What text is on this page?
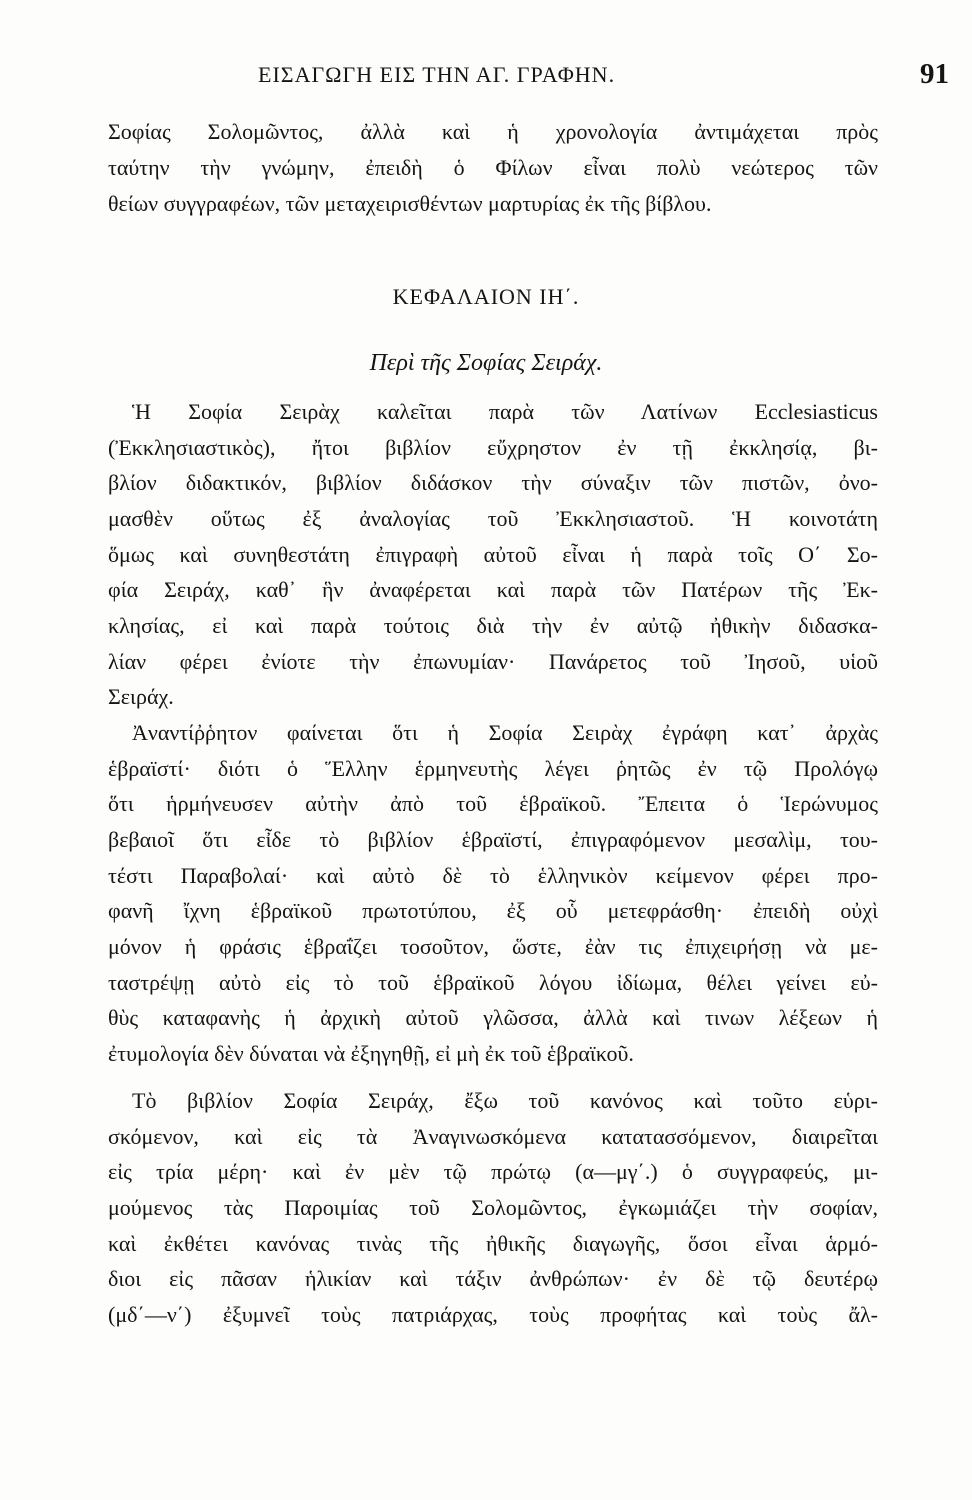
ΕΙΣΑΓΩΓΗ ΕΙΣ ΤΗΝ ΑΓ. ΓΡΑΦΗΝ.	91
Σοφίας Σολομῶντος, ἀλλὰ καὶ ἡ χρονολογία ἀντιμάχεται πρὸς
ταύτην τὴν γνώμην, ἐπειδὴ ὁ Φίλων εἶναι πολὺ νεώτερος τῶν
θείων συγγραφέων, τῶν μεταχειρισθέντων μαρτυρίας ἐκ τῆς βίβλου.
ΚΕΦΑΛΑΙΟΝ ΙΗ΄.
Περὶ τῆς Σοφίας Σειράχ.
Ἡ Σοφία Σειρὰχ καλεῖται παρὰ τῶν Λατίνων Ecclesiasticus
(Ἐκκλησιαστικὸς), ἤτοι βιβλίον εὔχρηστον ἐν τῇ ἐκκλησίᾳ, βι-
βλίον διδακτικόν, βιβλίον διδάσκον τὴν σύναξιν τῶν πιστῶν, ὀνο-
μασθὲν οὕτως ἐξ ἀναλογίας τοῦ Ἐκκλησιαστοῦ. Ἡ κοινοτάτη
ὅμως καὶ συνηθεστάτη ἐπιγραφὴ αὐτοῦ εἶναι ἡ παρὰ τοῖς Ο΄ Σο-
φία Σειράχ, καθ᾽ ἣν ἀναφέρεται καὶ παρὰ τῶν Πατέρων τῆς Ἐκ-
κλησίας, εἰ καὶ παρὰ τούτοις διὰ τὴν ἐν αὐτῷ ἠθικὴν διδασκα-
λίαν φέρει ἐνίοτε τὴν ἐπωνυμίαν· Πανάρετος τοῦ Ἰησοῦ, υἱοῦ
Σειράχ.
Ἀναντίῤῥητον φαίνεται ὅτι ἡ Σοφία Σειρὰχ ἐγράφη κατ᾽ ἀρχὰς
ἑβραϊστί· διότι ὁ Ἕλλην ἑρμηνευτὴς λέγει ῥητῶς ἐν τῷ Προλόγῳ
ὅτι ἡρμήνευσεν αὐτὴν ἀπὸ τοῦ ἑβραϊκοῦ. Ἔπειτα ὁ Ἱερώνυμος
βεβαιοῖ ὅτι εἶδε τὸ βιβλίον ἑβραϊστί, ἐπιγραφόμενον μεσαλὶμ, του-
τέστι Παραβολαί· καὶ αὐτὸ δὲ τὸ ἑλληνικὸν κείμενον φέρει προ-
φανῆ ἴχνη ἑβραϊκοῦ πρωτοτύπου, ἐξ οὗ μετεφράσθη· ἐπειδὴ οὐχὶ
μόνον ἡ φράσις ἑβραΐζει τοσοῦτον, ὥστε, ἐὰν τις ἐπιχειρήσῃ νὰ με-
ταστρέψῃ αὐτὸ εἰς τὸ τοῦ ἑβραϊκοῦ λόγου ἰδίωμα, θέλει γείνει εὐ-
θὺς καταφανὴς ἡ ἀρχικὴ αὐτοῦ γλῶσσα, ἀλλὰ καὶ τινων λέξεων ἡ
ἐτυμολογία δὲν δύναται νὰ ἐξηγηθῇ, εἰ μὴ ἐκ τοῦ ἑβραϊκοῦ.
Τὸ βιβλίον Σοφία Σειράχ, ἔξω τοῦ κανόνος καὶ τοῦτο εὑρι-
σκόμενον, καὶ εἰς τὰ Ἀναγινωσκόμενα κατατασσόμενον, διαιρεῖται
εἰς τρία μέρη· καὶ ἐν μὲν τῷ πρώτῳ (α—μγ΄.) ὁ συγγραφεύς, μι-
μούμενος τὰς Παροιμίας τοῦ Σολομῶντος, ἐγκωμιάζει τὴν σοφίαν,
καὶ ἐκθέτει κανόνας τινὰς τῆς ἠθικῆς διαγωγῆς, ὅσοι εἶναι ἁρμό-
διοι εἰς πᾶσαν ἡλικίαν καὶ τάξιν ἀνθρώπων· ἐν δὲ τῷ δευτέρῳ
(μδ΄—ν΄) ἐξυμνεῖ τοὺς πατριάρχας, τοὺς προφήτας καὶ τοὺς ἄλ-
